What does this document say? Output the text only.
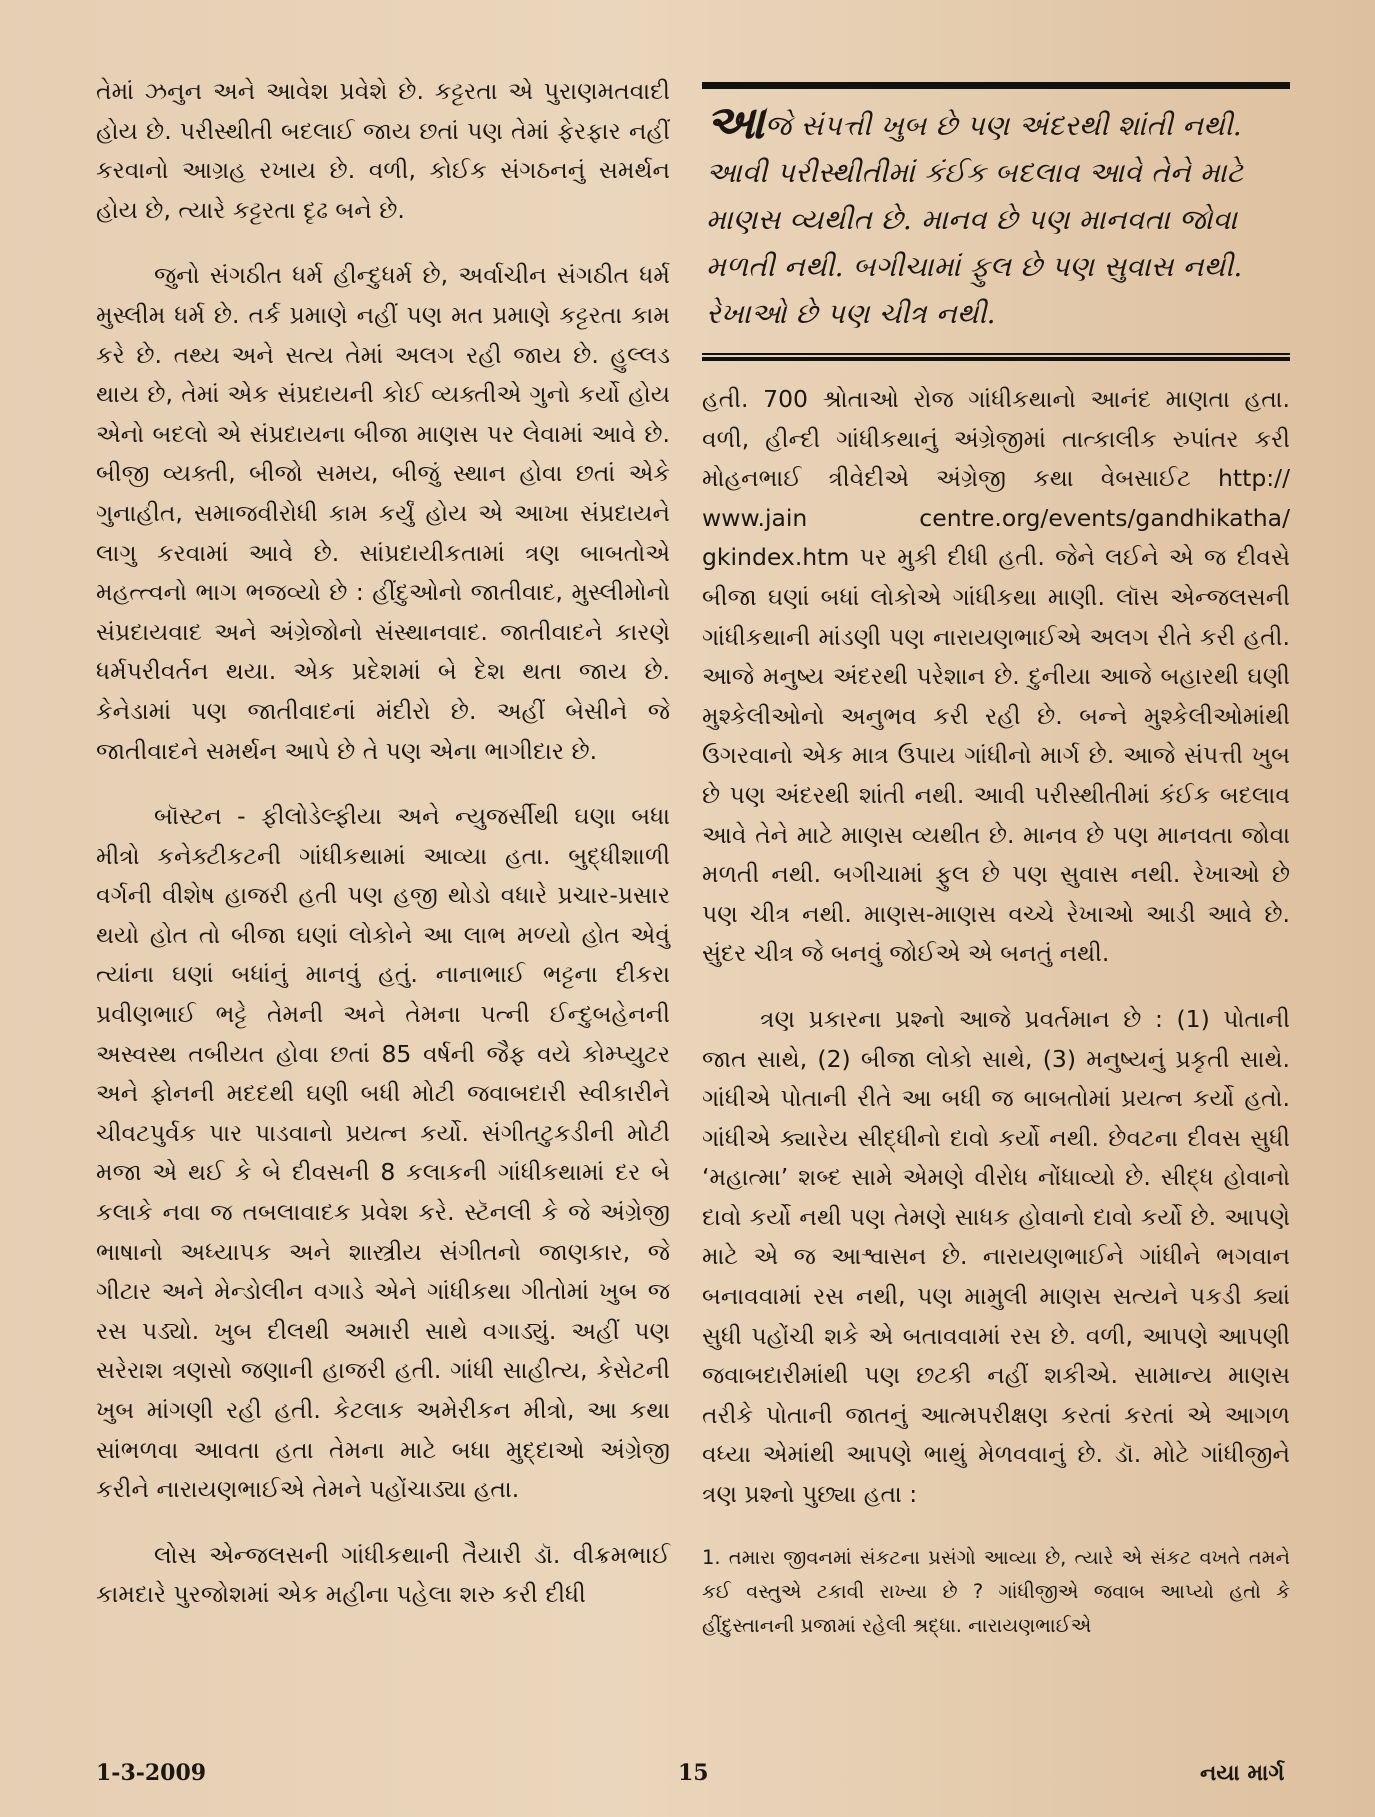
તેમાં ઝનુન અને આવેશ પ્રવેશે છે. કટ્ટરતા એ પુરાણમતવાદી હોય છે. પરીસ્થીતી બદલાઈ જાય છતાં પણ તેમાં ફેરફાર નહીં કરવાનો આગ્રહ રખાય છે. વળી, કોઈક સંગઠનનું સમર્થન હોય છે, ત્યારે કટ્ટરતા દૃઢ બને છે.

જુનો સંગઠીત ધર્મ હીન્દુધર્મ છે, અર્વાચીન સંગઠીત ધર્મ મુસ્લીમ ધર્મ છે. તર્ક પ્રમાણે નહીં પણ મત પ્રમાણે કટ્ટરતા કામ કરે છે. તથ્ય અને સત્ય તેમાં અલગ રહી જાય છે. હુલ્લડ થાય છે, તેમાં એક સંપ્રદાયની કોઈ વ્યક્તીએ ગુનો કર્યો હોય એનો બદલો એ સંપ્રદાયના બીજા માણસ પર લેવામાં આવે છે. બીજી વ્યક્તી, બીજો સમય, બીજું સ્થાન હોવા છતાં એકે ગુનાહીત, સમાજવીરોધી કામ કર્યું હોય એ આખા સંપ્રદાયને લાગુ કરવામાં આવે છે. સાંપ્રદાયીકતામાં ત્રણ બાબતોએ મહત્ત્વનો ભાગ ભજવ્યો છે : હીંદુઓનો જાતીવાદ, મુસ્લીમોનો સંપ્રદાયવાદ અને અંગ્રેજોનો સંસ્થાનવાદ. જાતીવાદને કારણે ધર્મપરીવર્તન થયા. એક પ્રદેશમાં બે દેશ થતા જાય છે. કેનેડામાં પણ જાતીવાદનાં મંદીરો છે. અહીં બેસીને જે જાતીવાદને સમર્થન આપે છે તે પણ એના ભાગીદાર છે.

બૉસ્ટન - ફીલોડેલ્ફીયા અને ન્યુજર્સીથી ઘણા બધા મીત્રો કનેક્ટીકટની ગાંધીકથામાં આવ્યા હતા. બુદ્ધીશાળી વર્ગની વીશેષ હાજરી હતી પણ હજી થોડો વધારે પ્રચાર-પ્રસાર થયો હોત તો બીજા ઘણાં લોકોને આ લાભ મળ્યો હોત એવું ત્યાંના ઘણાં બધાંનું માનવું હતું. નાનાભાઈ ભટ્ટના દીકરા પ્રવીણભાઈ ભટ્ટે તેમની અને તેમના પત્ની ઈન્દુબહેનની અસ્વસ્થ તબીયત હોવા છતાં 85 વર્ષની જૈફ વયે કોમ્પ્યુટર અને ફોનની મદદથી ઘણી બધી મોટી જવાબદારી સ્વીકારીને ચીવટપુર્વક પાર પાડવાનો પ્રયત્ન કર્યો. સંગીતટુકડીની મોટી મજા એ થઈ કે બે દીવસની 8 કલાકની ગાંધીકથામાં દર બે કલાકે નવા જ તબલાવાદક પ્રવેશ કરે. સ્ટૅનલી કે જે અંગ્રેજી ભાષાનો અધ્યાપક અને શાસ્ત્રીય સંગીતનો જાણકાર, જે ગીટાર અને મેન્ડોલીન વગાડે એને ગાંધીકથા ગીતોમાં ખુબ જ રસ પડ્યો. ખુબ દીલથી અમારી સાથે વગાડ્યું. અહીં પણ સરેરાશ ત્રણસો જણાની હાજરી હતી. ગાંધી સાહીત્ય, કેસેટની ખુબ માંગણી રહી હતી. કેટલાક અમેરીકન મીત્રો, આ કથા સાંભળવા આવતા હતા તેમના માટે બધા મુદ્દાઓ અંગ્રેજી કરીને નારાયણભાઈએ તેમને પહોંચાડ્યા હતા.

લોસ એન્જલસની ગાંધીકથાની તૈયારી ડૉ. વીક્રમભાઈ કામદારે પુરજોશમાં એક મહીના પહેલા શરુ કરી દીધી

આજે સંપત્તી ખુબ છે પણ અંદરથી શાંતી નથી. આવી પરીસ્થીતીમાં કંઈક બદલાવ આવે તેને માટે માણસ વ્યથીત છે. માનવ છે પણ માનવતા જોવા મળતી નથી. બગીચામાં ફુલ છે પણ સુવાસ નથી. રેખાઓ છે પણ ચીત્ર નથી.

હતી. 700 શ્રોતાઓ રોજ ગાંધીકથાનો આનંદ માણતા હતા. વળી, હીન્દી ગાંધીકથાનું અંગ્રેજીમાં તાત્કાલીક રુપાંતર કરી મોહનભાઈ ત્રીવેદીએ અંગ્રેજી કથા વેબસાઈટ http:// www.jain centre.org/events/gandhikatha/ gkindex.htm પર મુકી દીધી હતી. જેને લઈને એ જ દીવસે બીજા ઘણાં બધાં લોકોએ ગાંધીકથા માણી. લૉસ એન્જલસની ગાંધીકથાની માંડણી પણ નારાયણભાઈએ અલગ રીતે કરી હતી. આજે મનુષ્ય અંદરથી પરેશાન છે. દુનીયા આજે બહારથી ઘણી મુશ્કેલીઓનો અનુભવ કરી રહી છે. બન્ને મુશ્કેલીઓમાંથી ઉગરવાનો એક માત્ર ઉપાય ગાંધીનો માર્ગ છે. આજે સંપત્તી ખુબ છે પણ અંદરથી શાંતી નથી. આવી પરીસ્થીતીમાં કંઈક બદલાવ આવે તેને માટે માણસ વ્યથીત છે. માનવ છે પણ માનવતા જોવા મળતી નથી. બગીચામાં ફુલ છે પણ સુવાસ નથી. રેખાઓ છે પણ ચીત્ર નથી. માણસ-માણસ વચ્ચે રેખાઓ આડી આવે છે. સુંદર ચીત્ર જે બનવું જોઈએ એ બનતું નથી.

ત્રણ પ્રકારના પ્રશ્નો આજે પ્રવર્તમાન છે : (1) પોતાની જાત સાથે, (2) બીજા લોકો સાથે, (3) મનુષ્યનું પ્રકૃતી સાથે. ગાંધીએ પોતાની રીતે આ બધી જ બાબતોમાં પ્રયત્ન કર્યો હતો. ગાંધીએ ક્યારેય સીદ્ધીનો દાવો કર્યો નથી. છેવટના દીવસ સુધી ‘મહાત્મા’ શબ્દ સામે એમણે વીરોધ નોંધાવ્યો છે. સીદ્ધ હોવાનો દાવો કર્યો નથી પણ તેમણે સાધક હોવાનો દાવો કર્યો છે. આપણે માટે એ જ આશ્વાસન છે. નારાયણભાઈને ગાંધીને ભગવાન બનાવવામાં રસ નથી, પણ મામુલી માણસ સત્યને પકડી ક્યાં સુધી પહોંચી શકે એ બતાવવામાં રસ છે. વળી, આપણે આપણી જવાબદારીમાંથી પણ છટકી નહીં શકીએ. સામાન્ય માણસ તરીકે પોતાની જાતનું આત્મપરીક્ષણ કરતાં કરતાં એ આગળ વધ્યા એમાંથી આપણે ભાથું મેળવવાનું છે. ડૉ. મોટે ગાંધીજીને ત્રણ પ્રશ્નો પુછ્યા હતા :

1. તમારા જીવનમાં સંકટના પ્રસંગો આવ્યા છે, ત્યારે એ સંકટ વખતે તમને કઈ વસ્તુએ ટકાવી રાખ્યા છે ? ગાંધીજીએ જવાબ આપ્યો હતો કે હીંદુસ્તાનની પ્રજામાં રહેલી શ્રદ્ધા. નારાયણભાઈએ

1-3-2009	15	નયા માર્ગ
